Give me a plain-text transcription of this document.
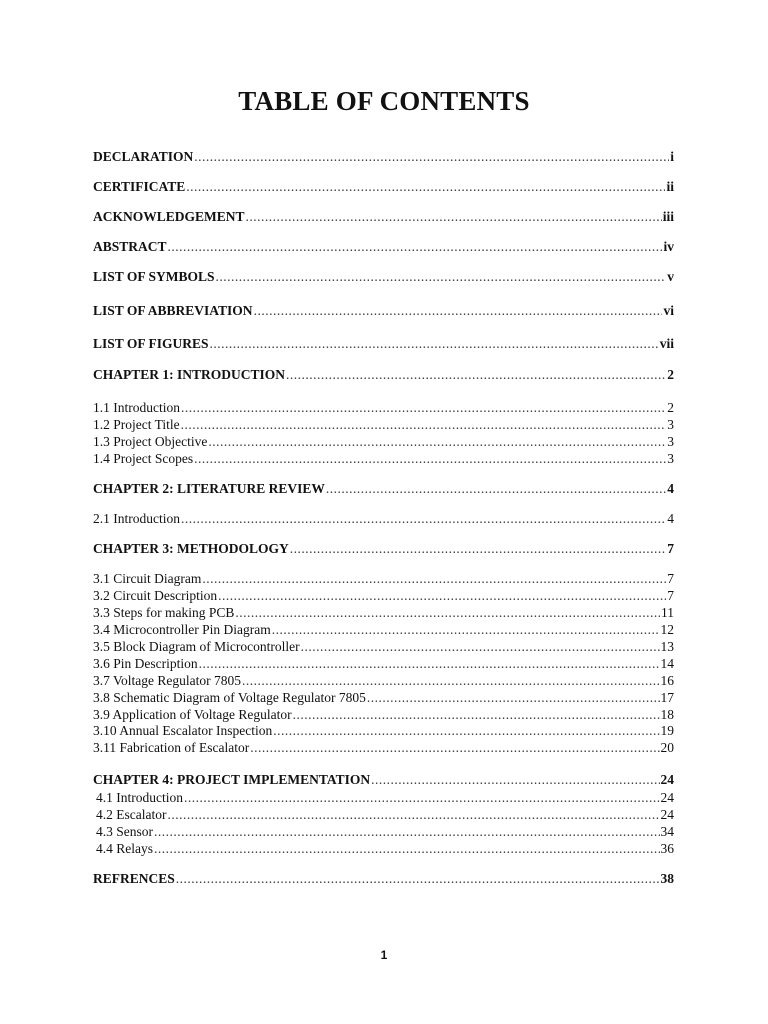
TABLE OF CONTENTS
DECLARATION .....	i
CERTIFICATE .....	ii
ACKNOWLEDGEMENT .....	iii
ABSTRACT .....	iv
LIST OF SYMBOLS .....	v
LIST OF ABBREVIATION .....	vi
LIST OF FIGURES .....	vii
CHAPTER 1: INTRODUCTION .....	2
1.1 Introduction .....	2
1.2 Project Title .....	3
1.3 Project Objective .....	3
1.4 Project Scopes .....	3
CHAPTER 2: LITERATURE REVIEW .....	4
2.1 Introduction .....	4
CHAPTER 3: METHODOLOGY .....	7
3.1 Circuit Diagram .....	7
3.2 Circuit Description .....	7
3.3 Steps for making PCB .....	11
3.4 Microcontroller Pin Diagram .....	12
3.5 Block Diagram of Microcontroller .....	13
3.6 Pin Description .....	14
3.7 Voltage Regulator 7805 .....	16
3.8 Schematic Diagram of Voltage Regulator 7805 .....	17
3.9 Application of Voltage Regulator .....	18
3.10 Annual Escalator Inspection .....	19
3.11 Fabrication of Escalator .....	20
CHAPTER 4: PROJECT IMPLEMENTATION .....	24
4.1 Introduction .....	24
4.2 Escalator .....	24
4.3 Sensor .....	34
4.4 Relays .....	36
REFRENCES .....	38
1
